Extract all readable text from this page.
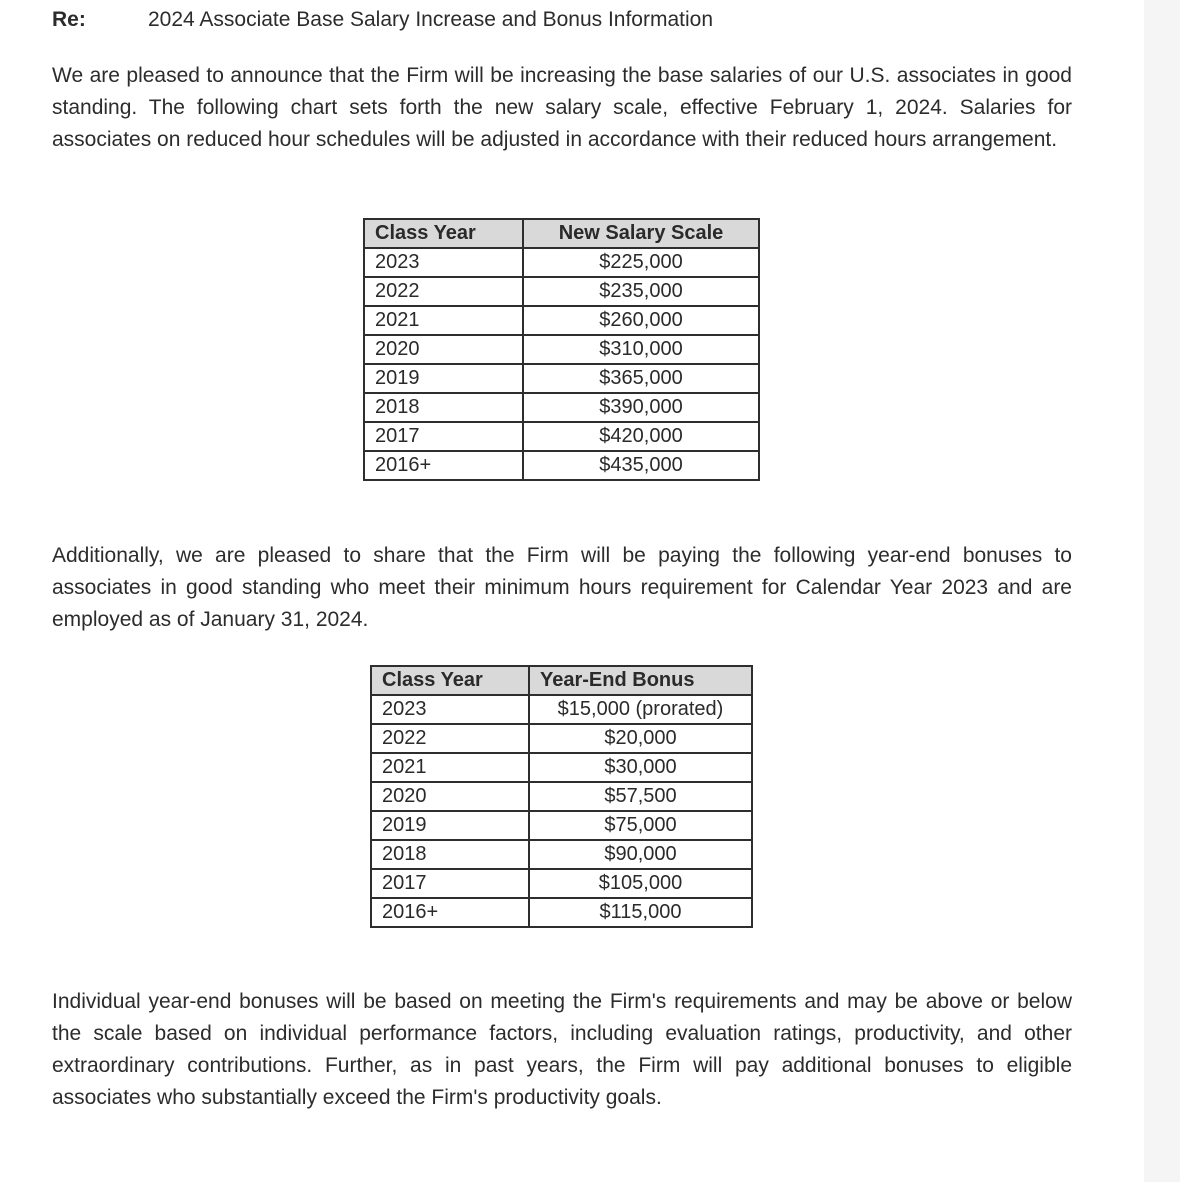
Re:	2024 Associate Base Salary Increase and Bonus Information

We are pleased to announce that the Firm will be increasing the base salaries of our U.S. associates in good standing. The following chart sets forth the new salary scale, effective February 1, 2024. Salaries for associates on reduced hour schedules will be adjusted in accordance with their reduced hours arrangement.

Class Year	New Salary Scale
2023	$225,000
2022	$235,000
2021	$260,000
2020	$310,000
2019	$365,000
2018	$390,000
2017	$420,000
2016+	$435,000

Additionally, we are pleased to share that the Firm will be paying the following year-end bonuses to associates in good standing who meet their minimum hours requirement for Calendar Year 2023 and are employed as of January 31, 2024.

Class Year	Year-End Bonus
2023	$15,000 (prorated)
2022	$20,000
2021	$30,000
2020	$57,500
2019	$75,000
2018	$90,000
2017	$105,000
2016+	$115,000

Individual year-end bonuses will be based on meeting the Firm's requirements and may be above or below the scale based on individual performance factors, including evaluation ratings, productivity, and other extraordinary contributions. Further, as in past years, the Firm will pay additional bonuses to eligible associates who substantially exceed the Firm's productivity goals.
